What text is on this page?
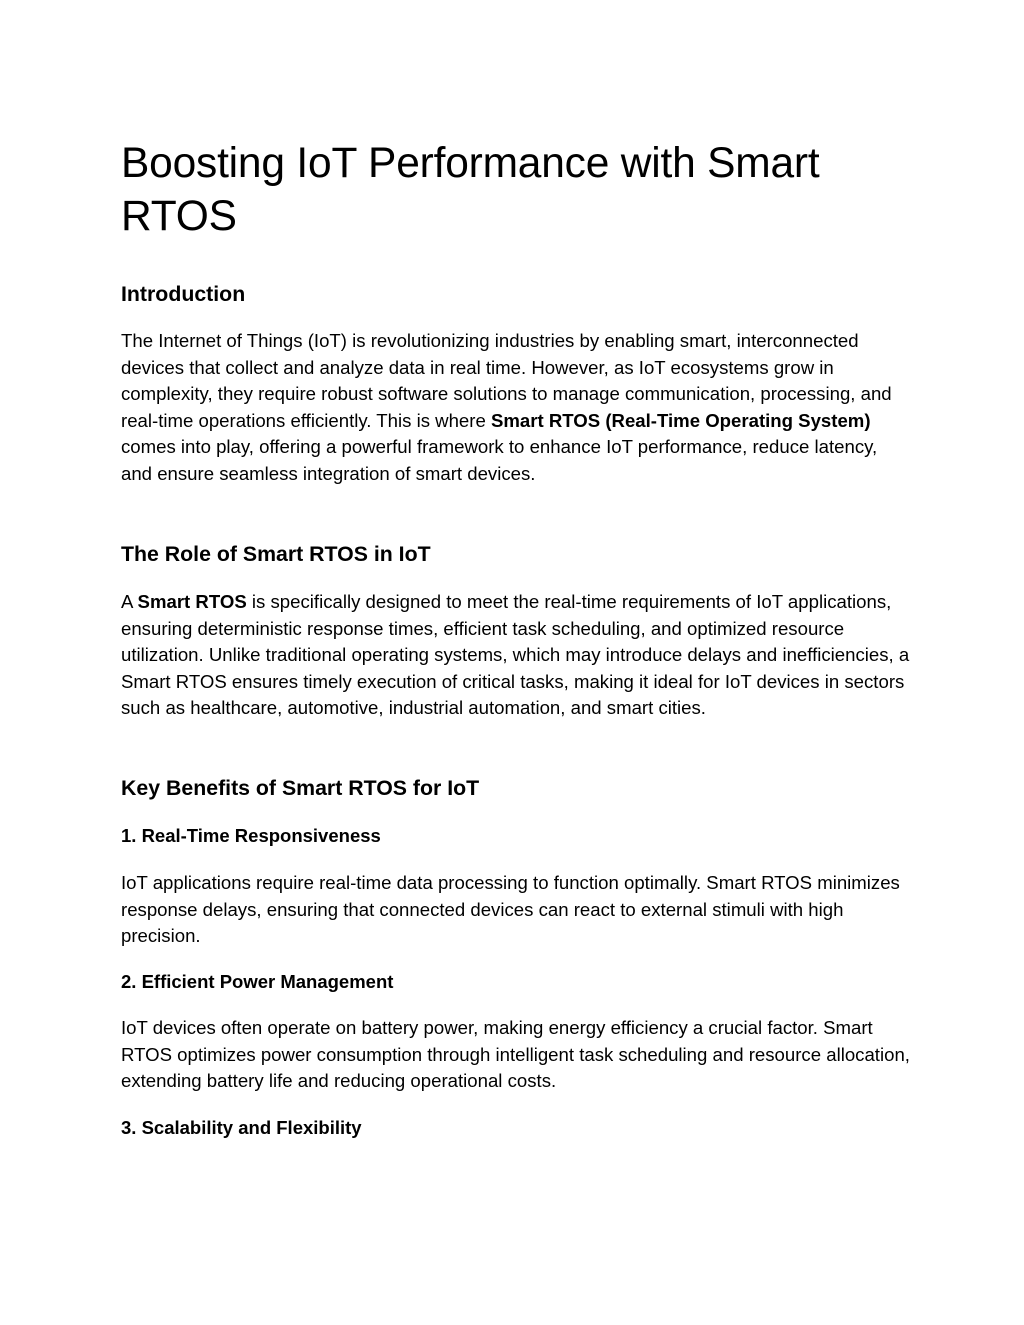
Boosting IoT Performance with Smart RTOS
Introduction

The Internet of Things (IoT) is revolutionizing industries by enabling smart, interconnected devices that collect and analyze data in real time. However, as IoT ecosystems grow in complexity, they require robust software solutions to manage communication, processing, and real-time operations efficiently. This is where Smart RTOS (Real-Time Operating System) comes into play, offering a powerful framework to enhance IoT performance, reduce latency, and ensure seamless integration of smart devices.

The Role of Smart RTOS in IoT

A Smart RTOS is specifically designed to meet the real-time requirements of IoT applications, ensuring deterministic response times, efficient task scheduling, and optimized resource utilization. Unlike traditional operating systems, which may introduce delays and inefficiencies, a Smart RTOS ensures timely execution of critical tasks, making it ideal for IoT devices in sectors such as healthcare, automotive, industrial automation, and smart cities.

Key Benefits of Smart RTOS for IoT
1. Real-Time Responsiveness

IoT applications require real-time data processing to function optimally. Smart RTOS minimizes response delays, ensuring that connected devices can react to external stimuli with high precision.

2. Efficient Power Management

IoT devices often operate on battery power, making energy efficiency a crucial factor. Smart RTOS optimizes power consumption through intelligent task scheduling and resource allocation, extending battery life and reducing operational costs.

3. Scalability and Flexibility
